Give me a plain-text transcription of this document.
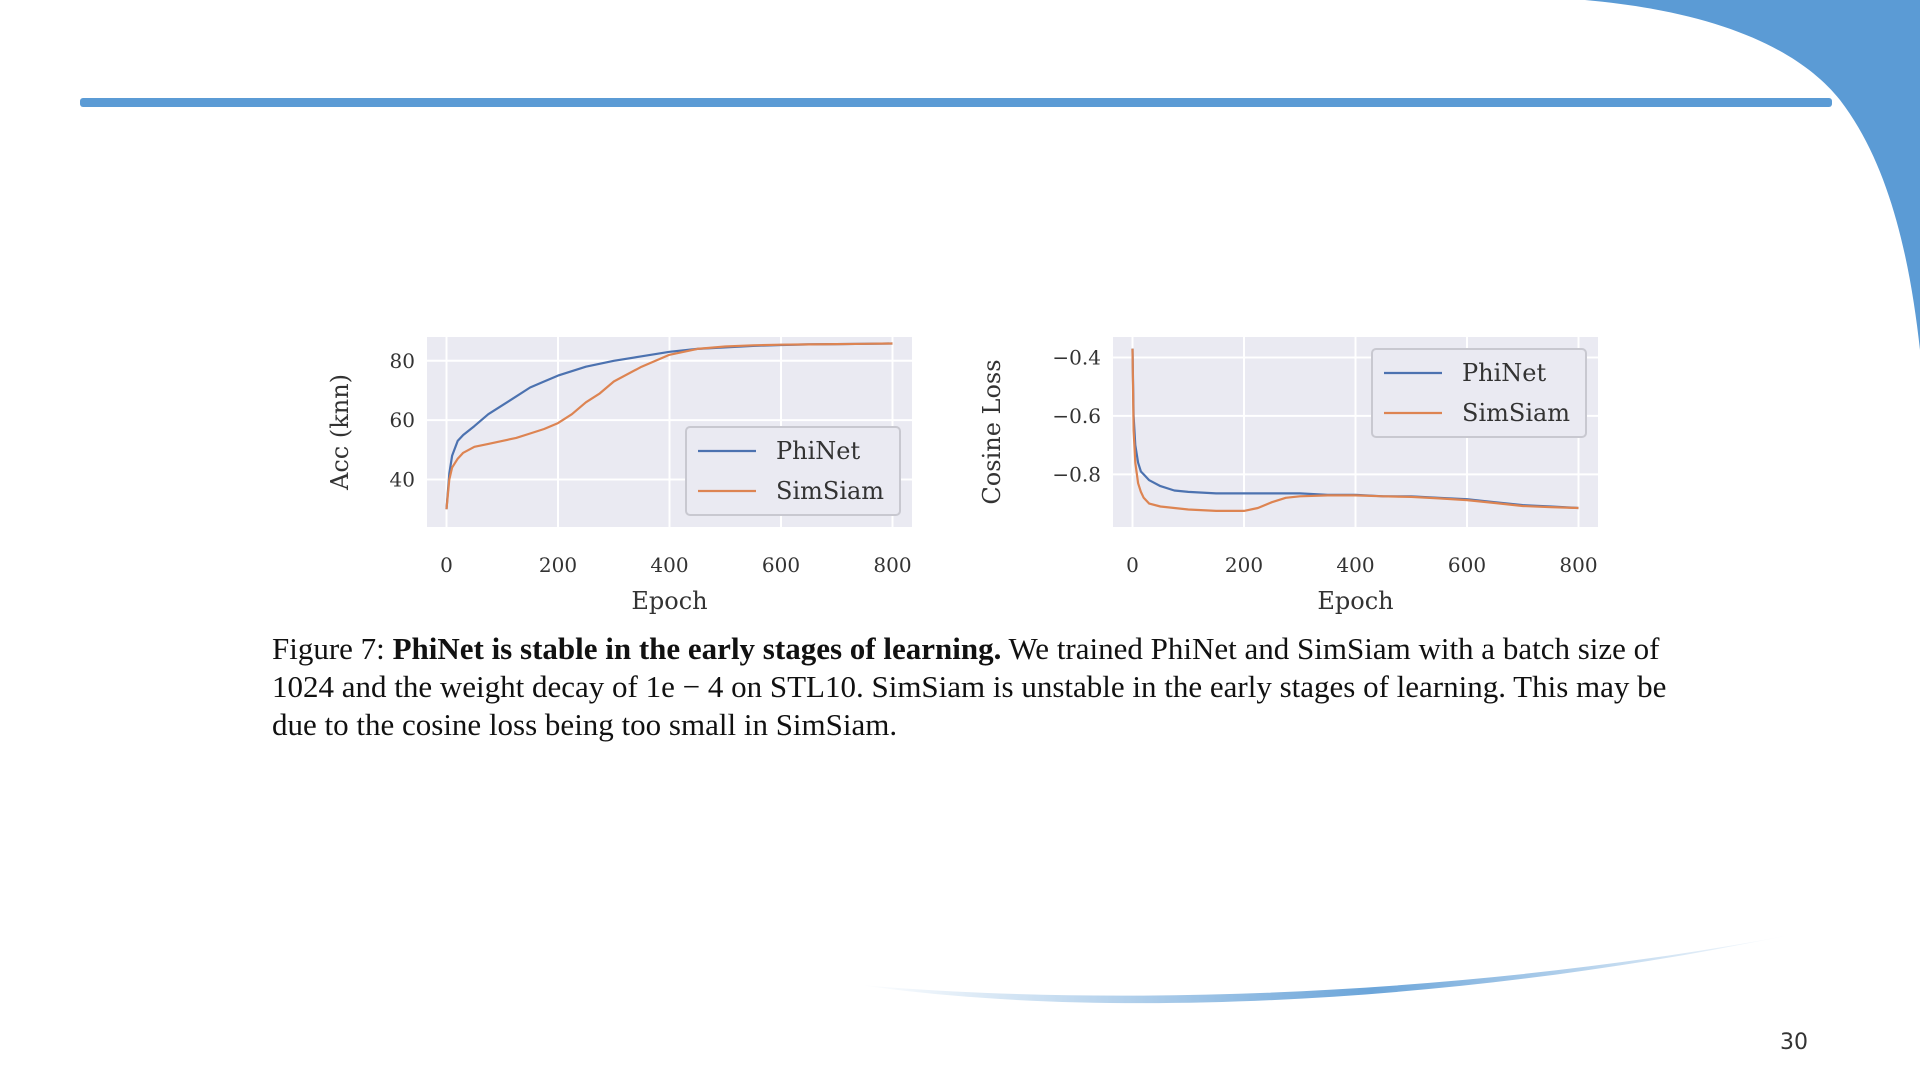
0	200	400	600	800
40
60
80
Epoch
Acc (knn)	PhiNet
SimSiam
0	200	400	600	800
−0.4
−0.6
−0.8
Epoch
Cosine Loss	PhiNet
SimSiam
Figure 7: PhiNet is stable in the early stages of learning. We trained PhiNet and SimSiam with a batch size of 1024 and the weight decay of 1e − 4 on STL10. SimSiam is unstable in the early stages of learning. This may be due to the cosine loss being too small in SimSiam.
30
